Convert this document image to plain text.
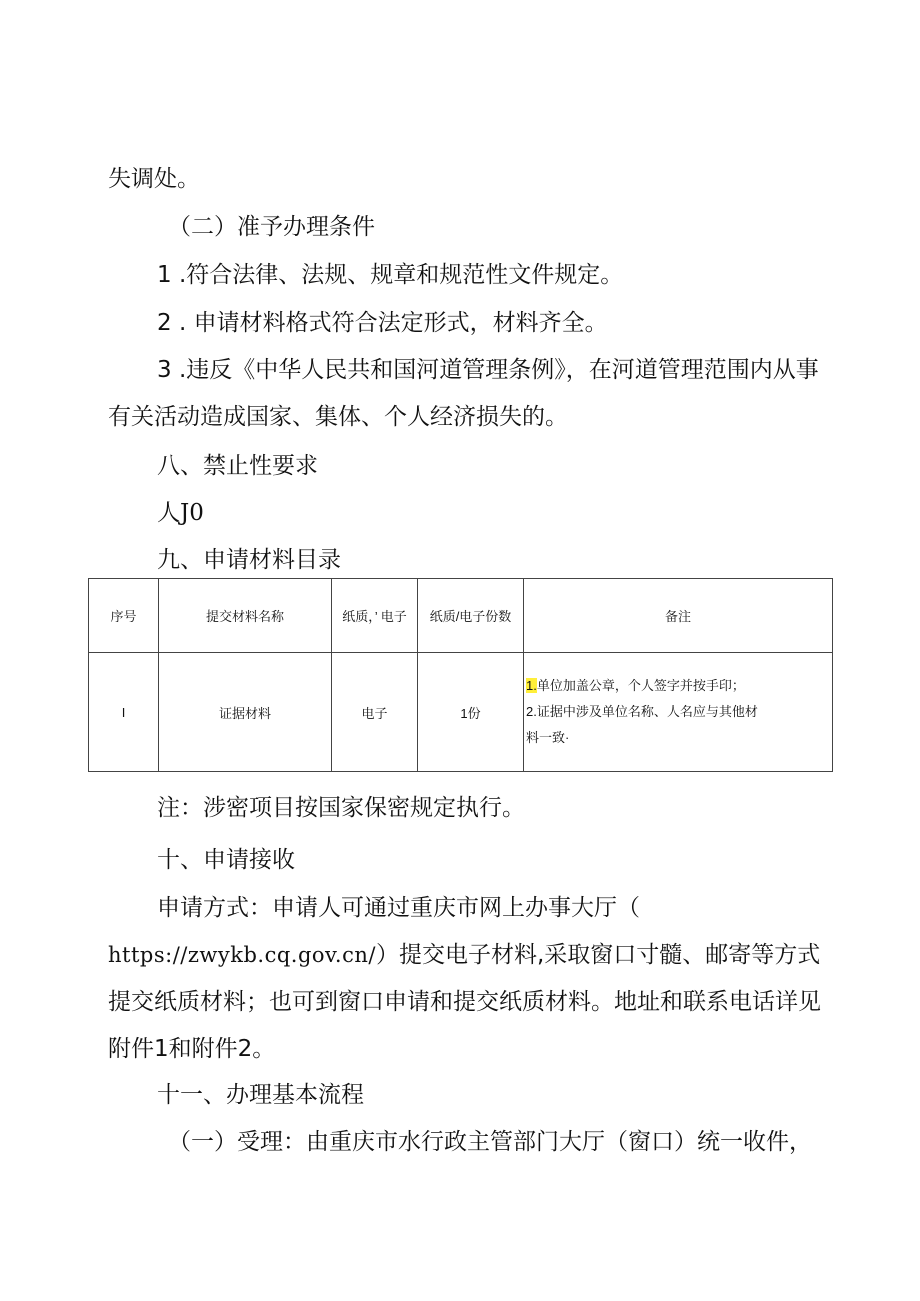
失调处。
（二）准予办理条件
1 .符合法律、法规、规章和规范性文件规定。
2 . 申请材料格式符合法定形式，材料齐全。
3 .违反《中华人民共和国河道管理条例》，在河道管理范围内从事
有关活动造成国家、集体、个人经济损失的。
八、禁止性要求
人J0
九、申请材料目录
序号	提交材料名称	纸质，’ 电子	纸质/电子份数	备注
I	证据材料	电子	1份	1.单位加盖公章，个人签字并按手印；
2.证据中涉及单位名称、人名应与其他材
料一致·
注：涉密项目按国家保密规定执行。
十、申请接收
申请方式：申请人可通过重庆市网上办事大厅（
https://zwykb.cq.gov.cn/）提交电子材料,采取窗口寸髓、邮寄等方式
提交纸质材料；也可到窗口申请和提交纸质材料。地址和联系电话详见
附件1和附件2。
十一、办理基本流程
（一）受理：由重庆市水行政主管部门大厅（窗口）统一收件，
